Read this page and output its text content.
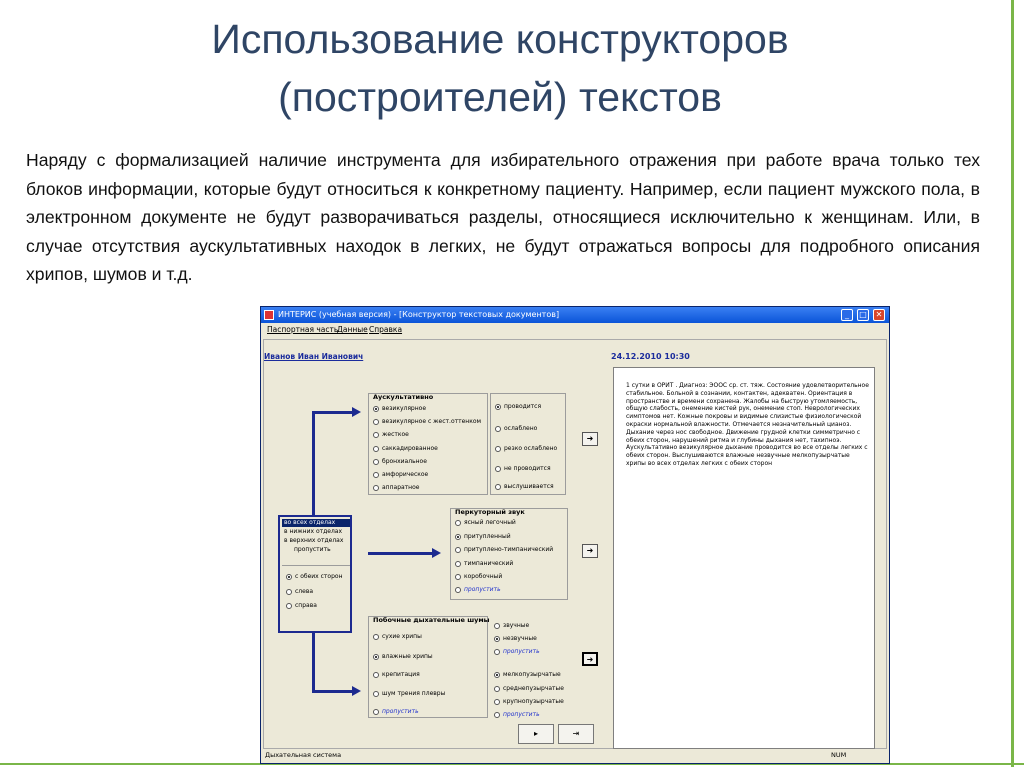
Использование конструкторов
(построителей) текстов
Наряду с формализацией наличие инструмента для избирательного отражения при работе врача только тех блоков информации, которые будут относиться к конкретному пациенту. Например, если пациент мужского пола, в электронном документе не будут разворачиваться разделы, относящиеся исключительно к женщинам. Или, в случае отсутствия аускультативных находок в легких, не будут отражаться вопросы для подробного описания хрипов, шумов и т.д.
ИНТЕРИС (учебная версия) - [Конструктор текстовых документов]	_	□	✕
Паспортная часть
Данные Справка
Иванов Иван Иванович	24.12.2010 10:30
Аускультативно
везикулярное
везикулярное с жест.оттенком
жесткое
саккадированное
бронхиальное
амфорическое
аппаратное
проводится
ослаблено
резко ослаблено
не проводится
выслушивается
➜
Перкуторный звук
ясный легочный
притупленный
притуплено-тимпанический
тимпанический
коробочный
пропустить
➜
во всех отделах
в нижних отделах
в верхних отделах
пропустить
с обеих сторон
слева
справа
Побочные дыхательные шумы
сухие хрипы
влажные хрипы
крепитация
шум трения плевры
пропустить
звучные
незвучные
пропустить
мелкопузырчатые
среднепузырчатые
крупнопузырчатые
пропустить
➜
▸	⇥
1 сутки в ОРИТ . Диагноз: ЭООС ср. ст. тяж. Состояние удовлетворительное стабильное. Больной в сознании, контактен, адекватен. Ориентация в пространстве и времени сохранена. Жалобы на быструю утомляемость, общую слабость, онемение кистей рук, онемение стоп. Неврологических симптомов нет. Кожные покровы и видимые слизистые физиологической окраски нормальной влажности. Отмечается незначительный цианоз. Дыхание через нос свободное. Движение грудной клетки симметрично с обеих сторон, нарушений ритма и глубины дыхания нет, тахипноэ. Аускультативно везикулярное дыхание проводится во все отделы легких с обеих сторон. Выслушиваются влажные незвучные мелкопузырчатые хрипы во всех отделах легких с обеих сторон
Дыхательная система	NUM
